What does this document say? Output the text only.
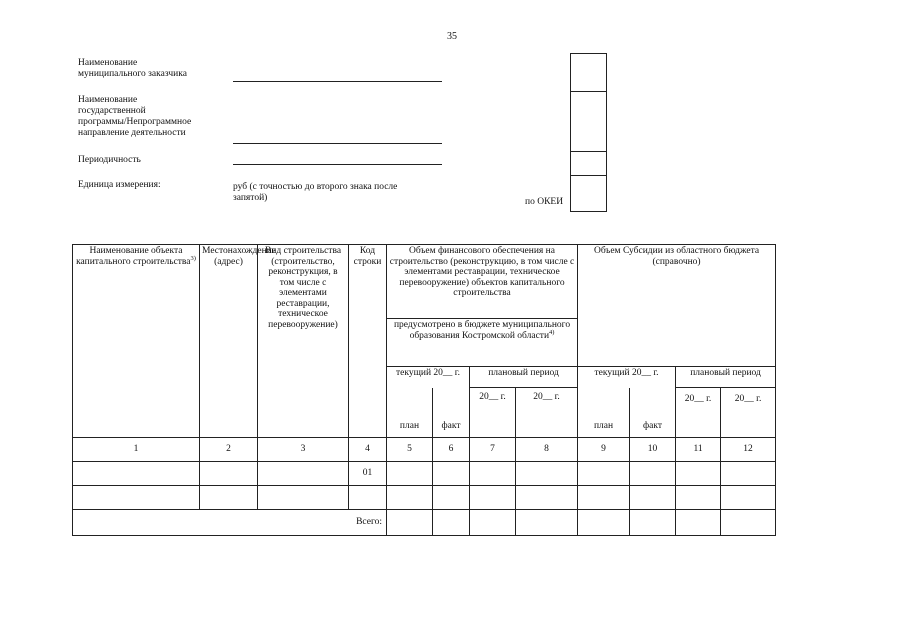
35
Наименование
муниципального заказчика
Наименование
государственной
программы/Непрограммное
направление деятельности
Периодичность
Единица измерения:	руб (с точностью до второго знака после
запятой)	по ОКЕИ
Наименование объекта капитального строительства$^{3)}$	Местонахождение (адрес)	Вид строительства (строительство, реконструкция, в том числе с элементами реставрации, техническое перевооружение)	Код строки	Объем финансового обеспечения на строительство (реконструкцию, в том числе с элементами реставрации, техническое перевооружение) объектов капитального строительства				Объем Субсидии из областного бюджета (справочно)			
				предусмотрено в бюджете муниципального образования Костромской области$^{4)}$
				текущий 20__ г.		плановый период		текущий 20__ г.		плановый период	
				план	факт	20__ г.	20__ г.	план	факт	20__ г.	20__ г.
1	2	3	4	5	6	7	8	9	10	11	12
			01								

Всего:											
